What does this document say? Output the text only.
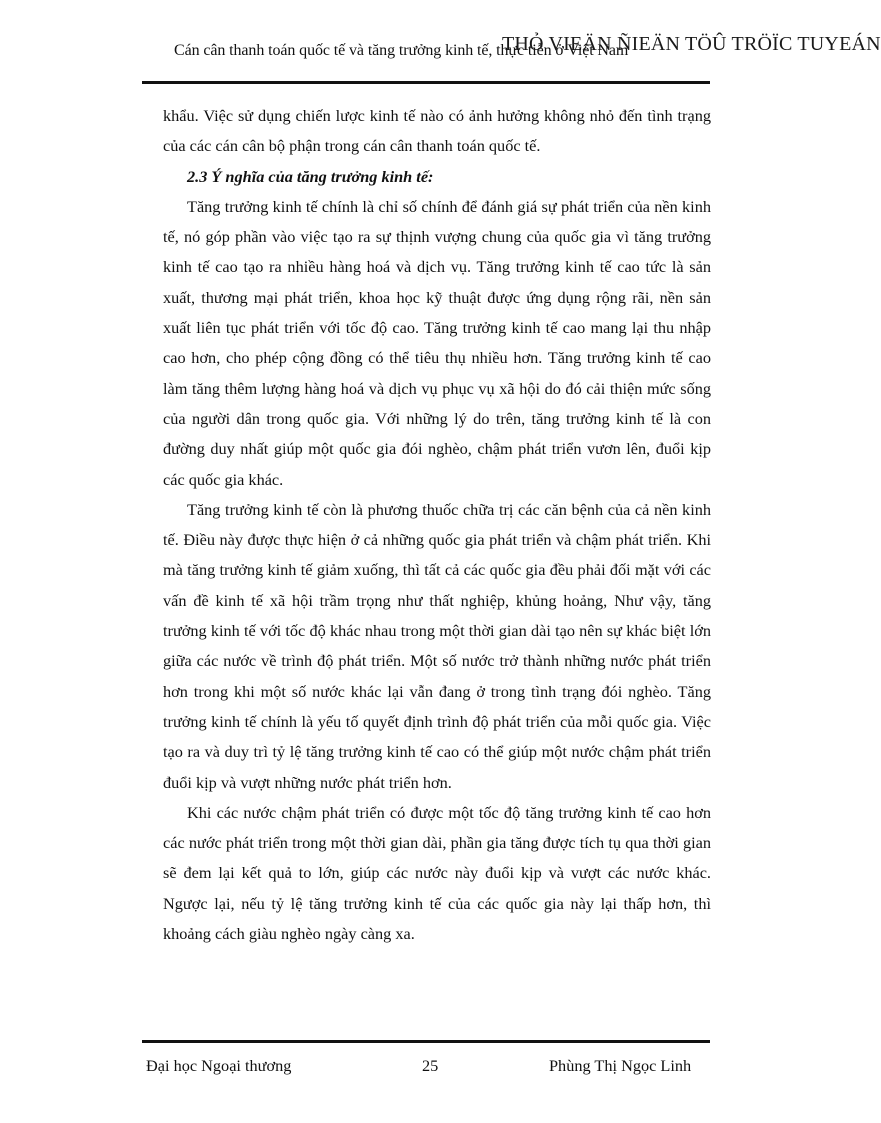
Cán cân thanh toán quốc tế và tăng trưởng kinh tế, thực tiễn ở Việt Nam
THỎ VIEÄN ÑIEÄN TÖÛ TRÖÏC TUYEÁN

khẩu. Việc sử dụng chiến lược kinh tế nào có ảnh hưởng không nhỏ đến tình trạng của các cán cân bộ phận trong cán cân thanh toán quốc tế.

2.3 Ý nghĩa của tăng trưởng kinh tế:

Tăng trưởng kinh tế chính là chỉ số chính để đánh giá sự phát triển của nền kinh tế, nó góp phần vào việc tạo ra sự thịnh vượng chung của quốc gia vì tăng trưởng kinh tế cao tạo ra nhiều hàng hoá và dịch vụ. Tăng trưởng kinh tế cao tức là sản xuất, thương mại phát triển, khoa học kỹ thuật được ứng dụng rộng rãi, nền sản xuất liên tục phát triển với tốc độ cao. Tăng trưởng kinh tế cao mang lại thu nhập cao hơn, cho phép cộng đồng có thể tiêu thụ nhiều hơn. Tăng trưởng kinh tế cao làm tăng thêm lượng hàng hoá và dịch vụ phục vụ xã hội do đó cải thiện mức sống của người dân trong quốc gia. Với những lý do trên, tăng trưởng kinh tế là con đường duy nhất giúp một quốc gia đói nghèo, chậm phát triển vươn lên, đuổi kịp các quốc gia khác.

Tăng trưởng kinh tế còn là phương thuốc chữa trị các căn bệnh của cả nền kinh tế. Điều này được thực hiện ở cả những quốc gia phát triển và chậm phát triển. Khi mà tăng trưởng kinh tế giảm xuống, thì tất cả các quốc gia đều phải đối mặt với các vấn đề kinh tế xã hội trầm trọng như thất nghiệp, khủng hoảng, Như vậy, tăng trưởng kinh tế với tốc độ khác nhau trong một thời gian dài tạo nên sự khác biệt lớn giữa các nước về trình độ phát triển. Một số nước trở thành những nước phát triển hơn trong khi một số nước khác lại vẫn đang ở trong tình trạng đói nghèo. Tăng trưởng kinh tế chính là yếu tố quyết định trình độ phát triển của mỗi quốc gia. Việc tạo ra và duy trì tỷ lệ tăng trưởng kinh tế cao có thể giúp một nước chậm phát triển đuổi kịp và vượt những nước phát triển hơn.

Khi các nước chậm phát triển có được một tốc độ tăng trưởng kinh tế cao hơn các nước phát triển trong một thời gian dài, phần gia tăng được tích tụ qua thời gian sẽ đem lại kết quả to lớn, giúp các nước này đuổi kịp và vượt các nước khác. Ngược lại, nếu tỷ lệ tăng trưởng kinh tế của các quốc gia này lại thấp hơn, thì khoảng cách giàu nghèo ngày càng xa.

Đại học Ngoại thương	25	Phùng Thị Ngọc Linh
